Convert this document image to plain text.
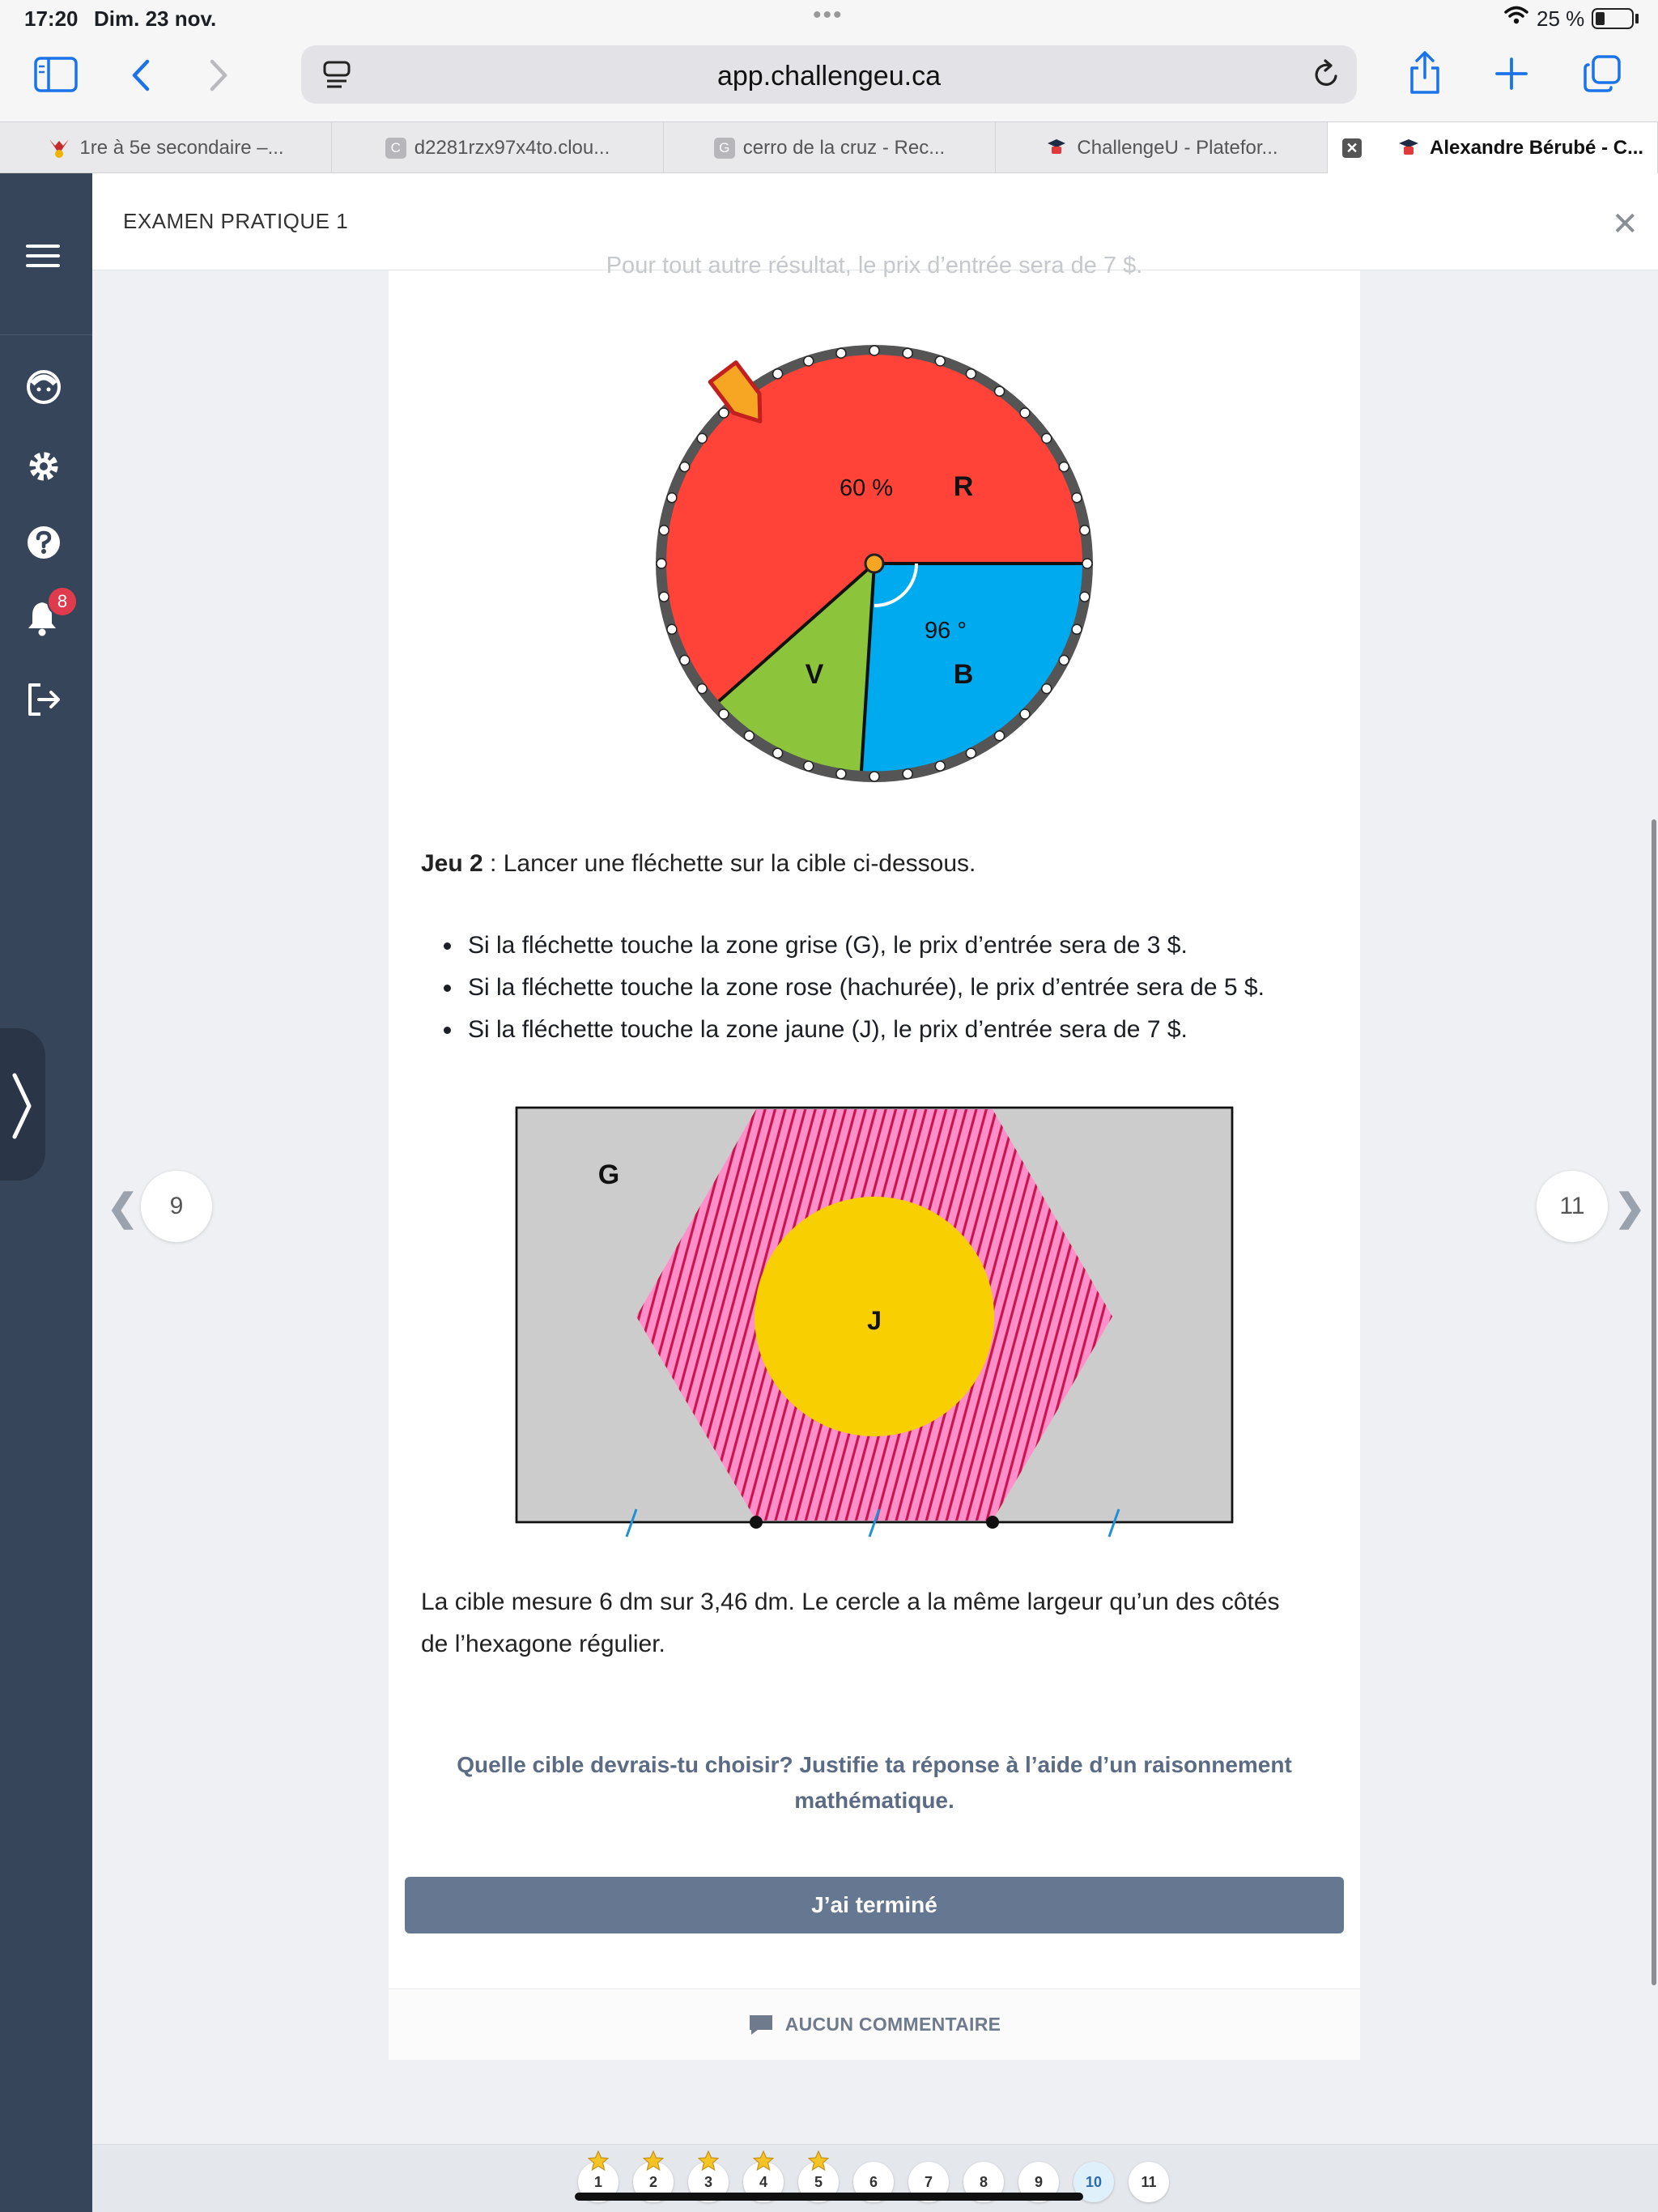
17:20 Dim. 23 nov.	•••	25 %
app.challengeu.ca
1re à 5e secondaire –...	C d2281rzx97x4to.clou...	G cerro de la cruz - Rec...	ChallengeU - Platefor...	✕	Alexandre Bérubé - C...
8
EXAMEN PRATIQUE 1	✕
Pour tout autre résultat, le prix d’entrée sera de 7 $.
60 % R
96 °
V	B
Jeu 2 : Lancer une fléchette sur la cible ci-dessous.
• Si la fléchette touche la zone grise (G), le prix d’entrée sera de 3 $.
• Si la fléchette touche la zone rose (hachurée), le prix d’entrée sera de 5 $.
• Si la fléchette touche la zone jaune (J), le prix d’entrée sera de 7 $.
G
J
La cible mesure 6 dm sur 3,46 dm. Le cercle a la même largeur qu’un des côtés
de l’hexagone régulier.
Quelle cible devrais-tu choisir? Justifie ta réponse à l’aide d’un raisonnement
mathématique.
J’ai terminé
AUCUN COMMENTAIRE
❮	9	11 ❯
1	2	3	4	5	6	7	8	9	10	11
